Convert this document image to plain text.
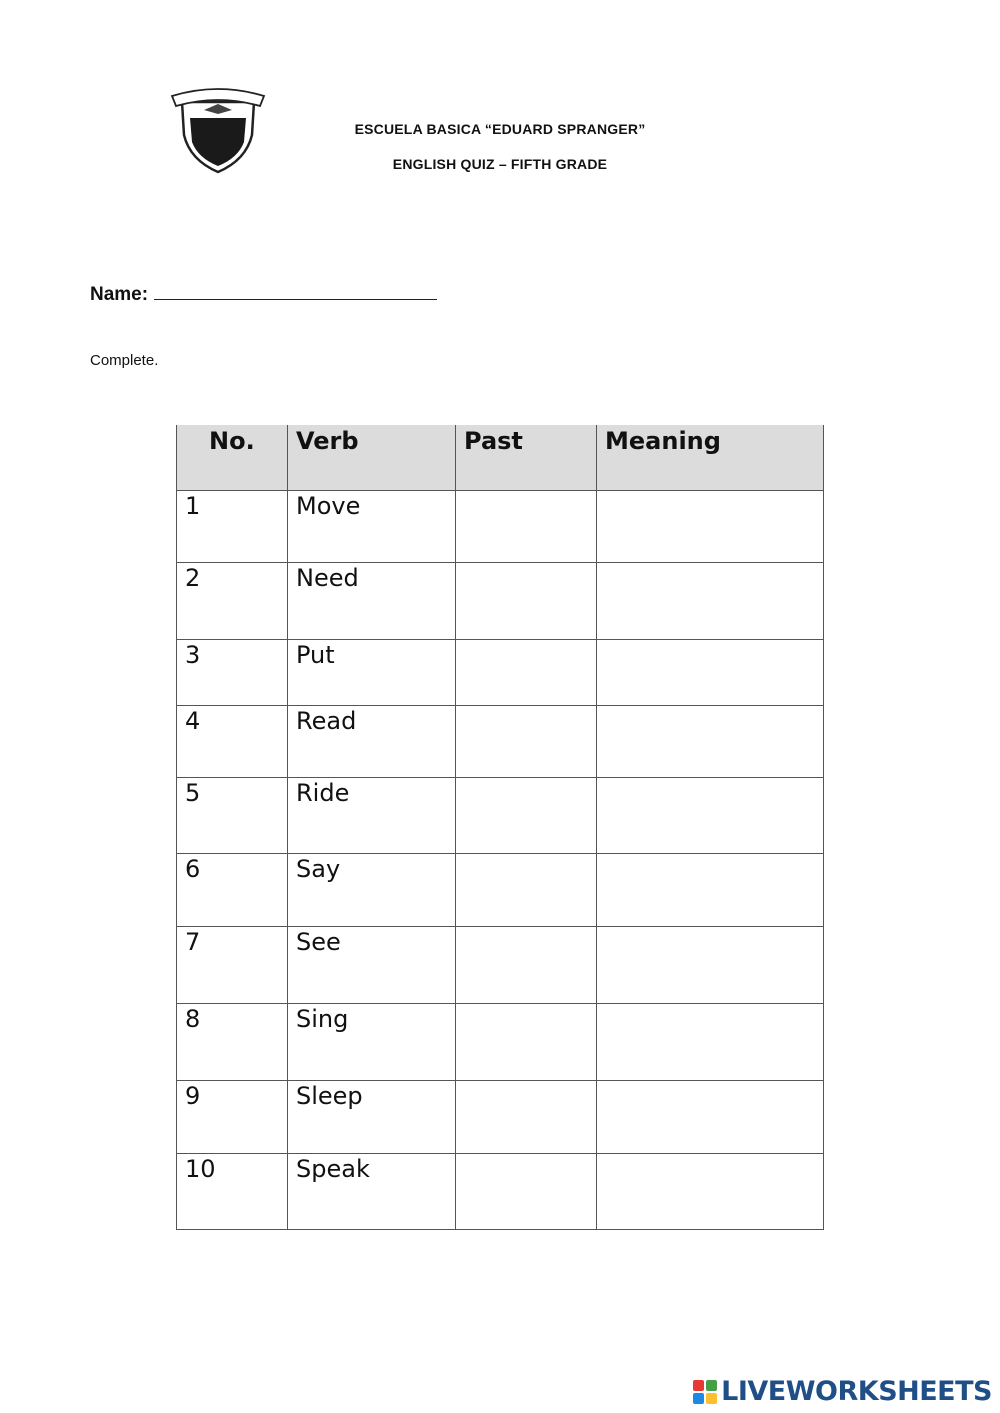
ESCUELA BASICA “EDUARD SPRANGER”
ENGLISH QUIZ – FIFTH GRADE
Name:
Complete.
No.	Verb	Past	Meaning
1	Move		
2	Need		
3	Put		
4	Read		
5	Ride		
6	Say		
7	See		
8	Sing		
9	Sleep		
10	Speak		
LIVEWORKSHEETS
